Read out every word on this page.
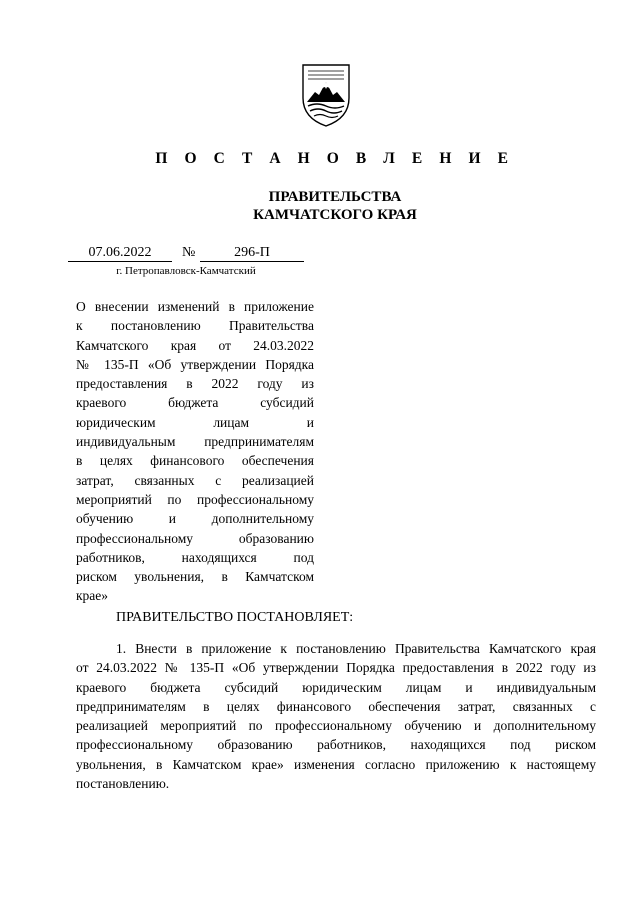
П О С Т А Н О В Л Е Н И Е
ПРАВИТЕЛЬСТВА
КАМЧАТСКОГО КРАЯ
07.06.2022	№	296-П
г. Петропавловск-Камчатский
О внесении изменений в приложение
к постановлению Правительства
Камчатского края от 24.03.2022
№ 135-П «Об утверждении Порядка
предоставления в 2022 году из
краевого бюджета субсидий
юридическим лицам и
индивидуальным предпринимателям
в целях финансового обеспечения
затрат, связанных с реализацией
мероприятий по профессиональному
обучению и дополнительному
профессиональному образованию
работников, находящихся под
риском увольнения, в Камчатском
крае»
ПРАВИТЕЛЬСТВО ПОСТАНОВЛЯЕТ:
1. Внести в приложение к постановлению Правительства Камчатского края
от 24.03.2022 № 135-П «Об утверждении Порядка предоставления в 2022 году из
краевого бюджета субсидий юридическим лицам и индивидуальным
предпринимателям в целях финансового обеспечения затрат, связанных с
реализацией мероприятий по профессиональному обучению и дополнительному
профессиональному образованию работников, находящихся под риском
увольнения, в Камчатском крае» изменения согласно приложению к настоящему
постановлению.
